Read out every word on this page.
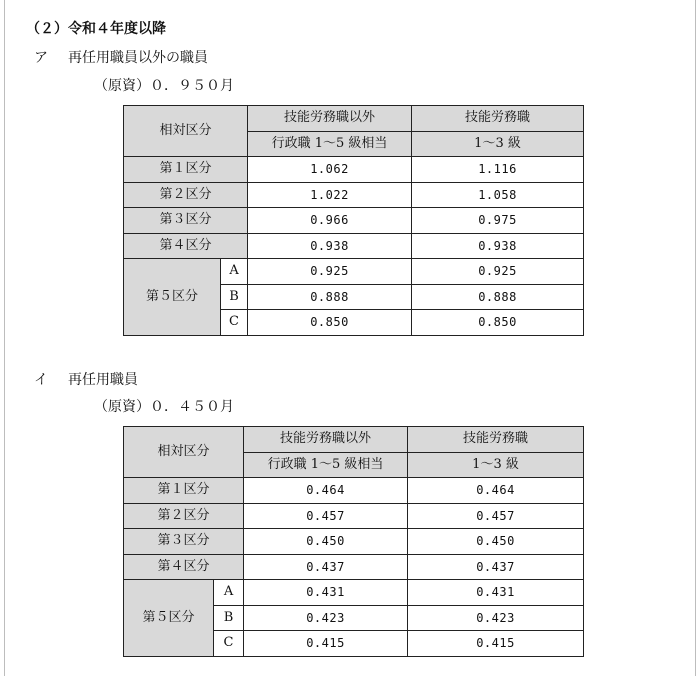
（２）令和４年度以降
ア 再任用職員以外の職員
（原資）０．９５０月
相対区分		技能労務職以外	技能労務職
		行政職 1～5 級相当	1～3 級
第１区分		1.062	1.116
第２区分		1.022	1.058
第３区分		0.966	0.975
第４区分		0.938	0.938
第５区分	A	0.925	0.925
	B	0.888	0.888
	C	0.850	0.850
イ 再任用職員
（原資）０．４５０月
相対区分		技能労務職以外	技能労務職
		行政職 1～5 級相当	1～3 級
第１区分		0.464	0.464
第２区分		0.457	0.457
第３区分		0.450	0.450
第４区分		0.437	0.437
第５区分	A	0.431	0.431
	B	0.423	0.423
	C	0.415	0.415
